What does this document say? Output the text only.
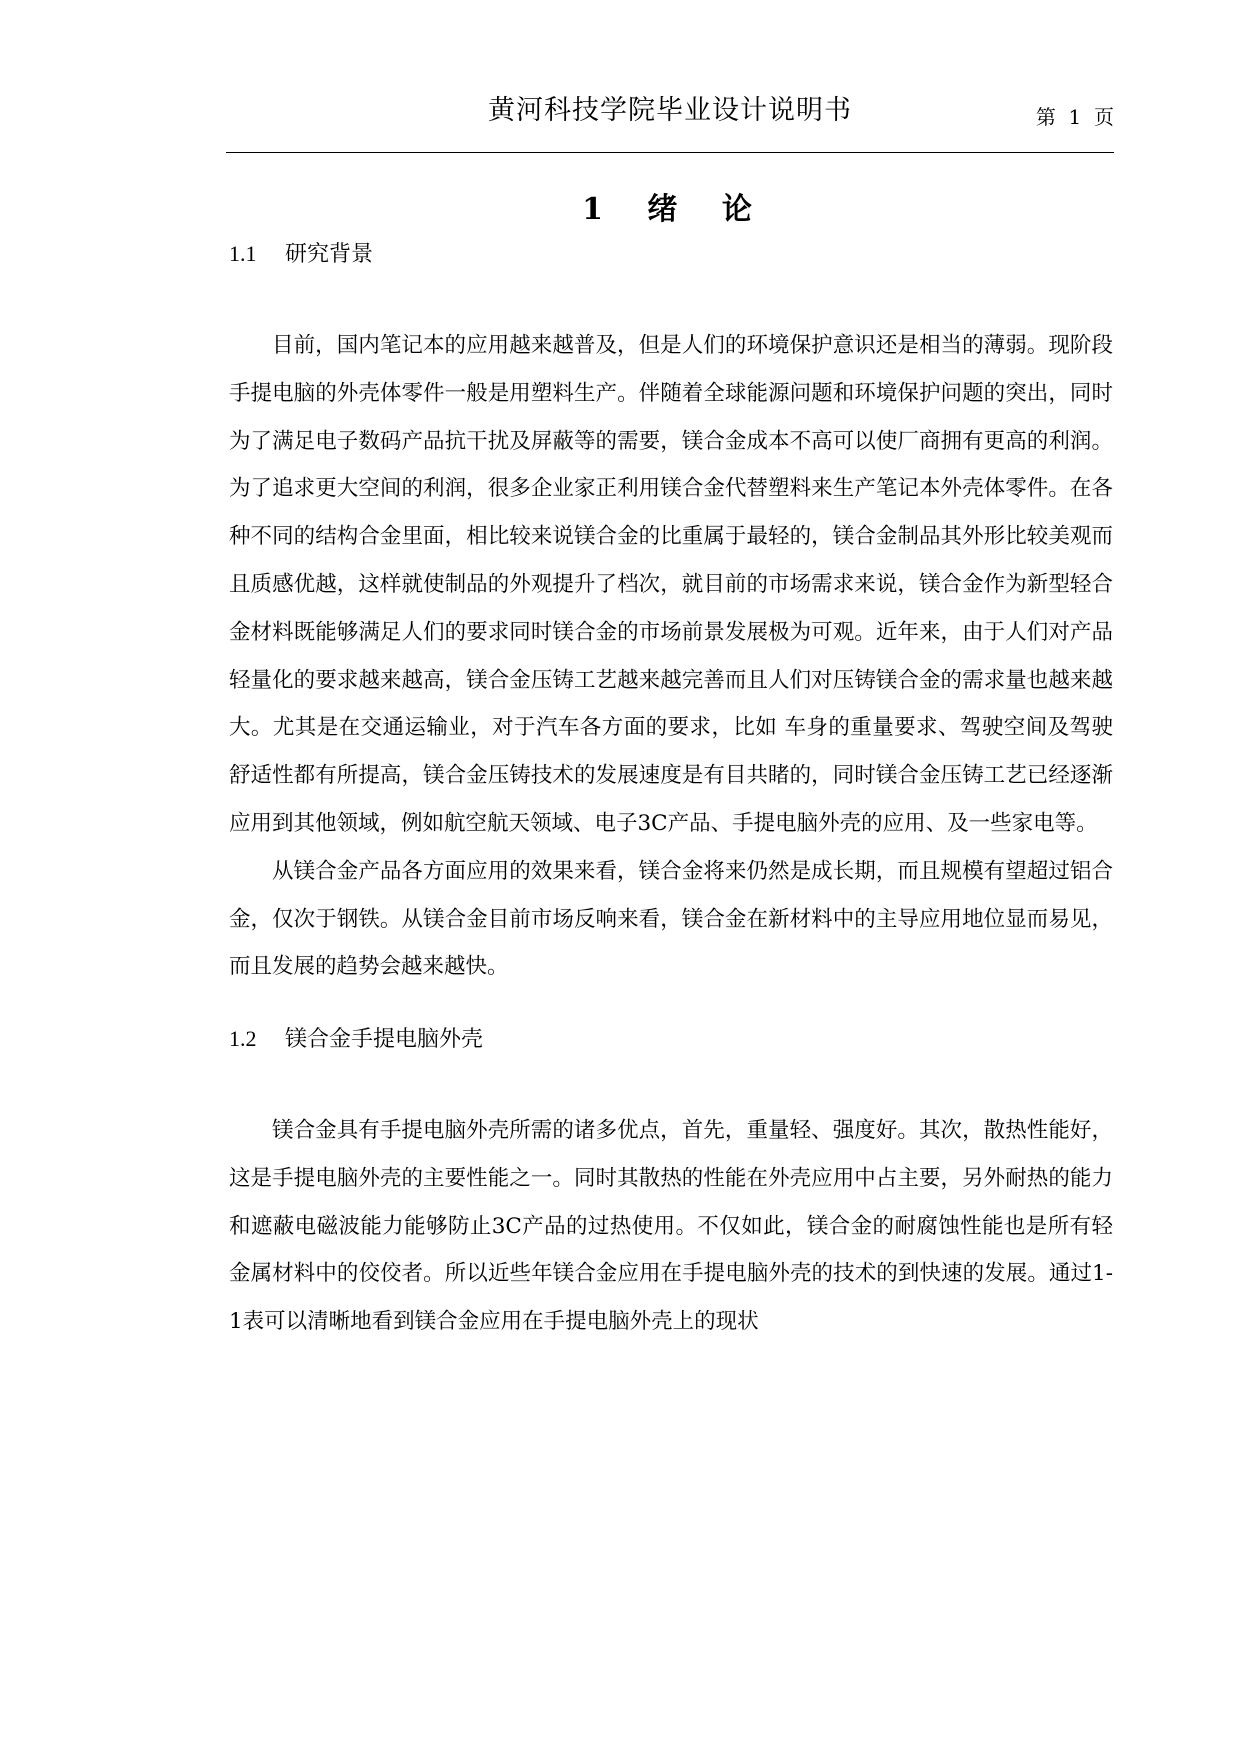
黄河科技学院毕业设计说明书	第  1  页
1 绪 论
1.1 研究背景

目前，国内笔记本的应用越来越普及，但是人们的环境保护意识还是相当的薄弱。现阶段手提电脑的外壳体零件一般是用塑料生产。伴随着全球能源问题和环境保护问题的突出，同时为了满足电子数码产品抗干扰及屏蔽等的需要，镁合金成本不高可以使厂商拥有更高的利润。为了追求更大空间的利润，很多企业家正利用镁合金代替塑料来生产笔记本外壳体零件。在各种不同的结构合金里面，相比较来说镁合金的比重属于最轻的，镁合金制品其外形比较美观而且质感优越，这样就使制品的外观提升了档次，就目前的市场需求来说，镁合金作为新型轻合金材料既能够满足人们的要求同时镁合金的市场前景发展极为可观。近年来，由于人们对产品轻量化的要求越来越高，镁合金压铸工艺越来越完善而且人们对压铸镁合金的需求量也越来越大。尤其是在交通运输业，对于汽车各方面的要求，比如 车身的重量要求、驾驶空间及驾驶舒适性都有所提高，镁合金压铸技术的发展速度是有目共睹的，同时镁合金压铸工艺已经逐渐应用到其他领域，例如航空航天领域、电子3C产品、手提电脑外壳的应用、及一些家电等。

从镁合金产品各方面应用的效果来看，镁合金将来仍然是成长期，而且规模有望超过铝合金，仅次于钢铁。从镁合金目前市场反响来看，镁合金在新材料中的主导应用地位显而易见，而且发展的趋势会越来越快。

1.2 镁合金手提电脑外壳

镁合金具有手提电脑外壳所需的诸多优点，首先，重量轻、强度好。其次，散热性能好，这是手提电脑外壳的主要性能之一。同时其散热的性能在外壳应用中占主要，另外耐热的能力和遮蔽电磁波能力能够防止3C产品的过热使用。不仅如此，镁合金的耐腐蚀性能也是所有轻金属材料中的佼佼者。所以近些年镁合金应用在手提电脑外壳的技术的到快速的发展。通过1-1表可以清晰地看到镁合金应用在手提电脑外壳上的现状
